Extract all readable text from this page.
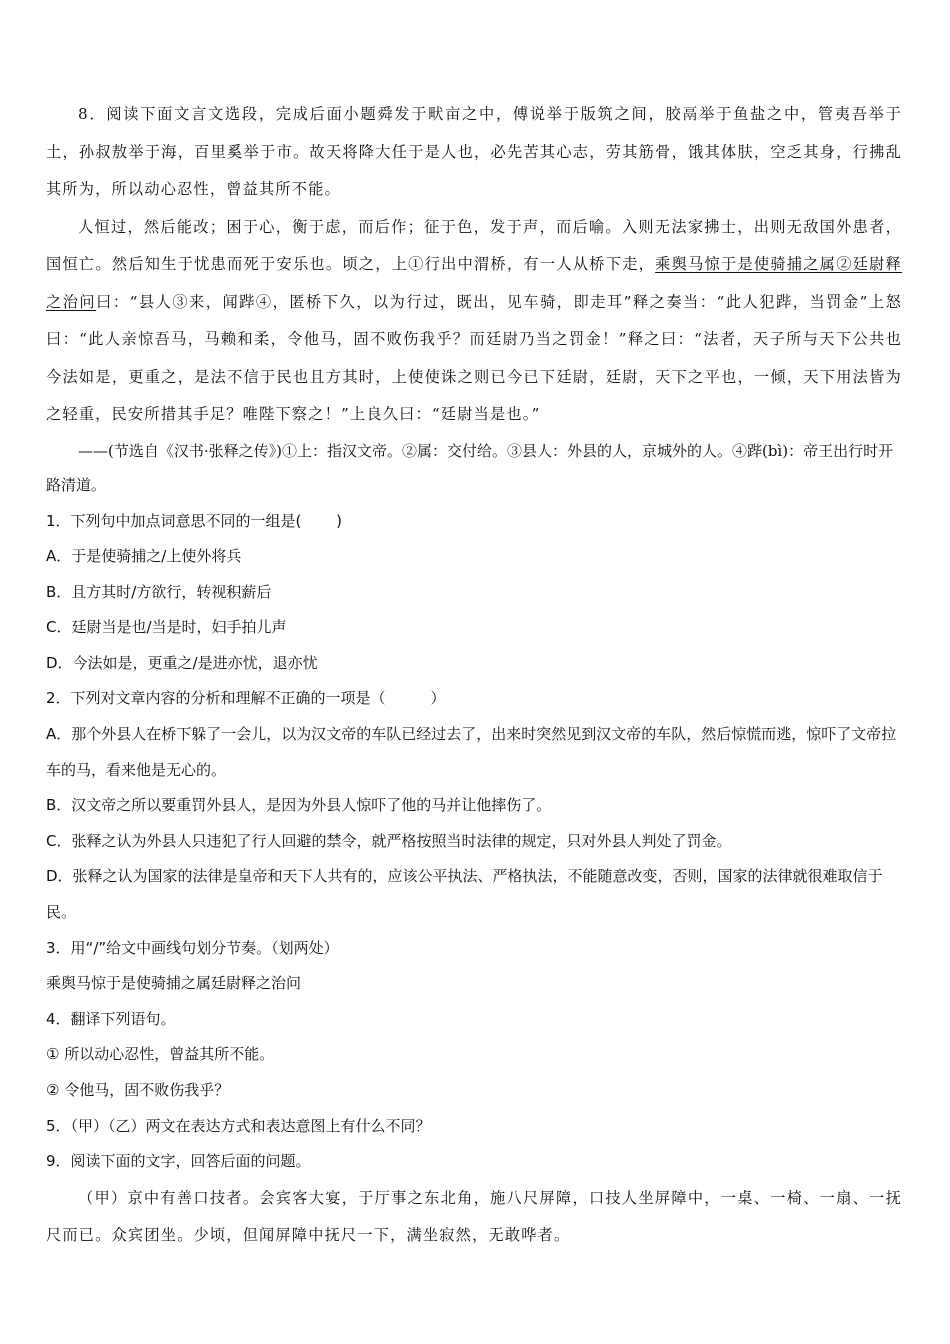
8．阅读下面文言文选段，完成后面小题舜发于畎亩之中，傅说举于版筑之间，胶鬲举于鱼盐之中，管夷吾举于土，孙叔敖举于海，百里奚举于市。故天将降大任于是人也，必先苦其心志，劳其筋骨，饿其体肤，空乏其身，行拂乱其所为，所以动心忍性，曾益其所不能。

人恒过，然后能改；困于心，衡于虑，而后作；征于色，发于声，而后喻。入则无法家拂士，出则无敌国外患者，国恒亡。然后知生于忧患而死于安乐也。顷之，上①行出中渭桥，有一人从桥下走，乘舆马惊于是使骑捕之属②廷尉释之治问曰：“县人③来，闻跸④，匿桥下久，以为行过，既出，见车骑，即走耳”释之奏当：“此人犯跸，当罚金”上怒曰：“此人亲惊吾马，马赖和柔，令他马，固不败伤我乎？而廷尉乃当之罚金！”释之曰：“法者，天子所与天下公共也今法如是，更重之，是法不信于民也且方其时，上使使诛之则已今已下廷尉，廷尉，天下之平也，一倾，天下用法皆为之轻重，民安所措其手足？唯陛下察之！”上良久曰：“廷尉当是也。”

——(节选自《汉书·张释之传》)①上：指汉文帝。②属：交付给。③县人：外县的人，京城外的人。④跸(bì)：帝王出行时开路清道。

1．下列句中加点词意思不同的一组是(　　 )

A．于是使骑捕之/上使外将兵

B．且方其时/方欲行，转视积薪后

C．廷尉当是也/当是时，妇手拍儿声

D．今法如是，更重之/是进亦忧，退亦忧

2．下列对文章内容的分析和理解不正确的一项是（　　　）

A．那个外县人在桥下躲了一会儿，以为汉文帝的车队已经过去了，出来时突然见到汉文帝的车队，然后惊慌而逃，惊吓了文帝拉车的马，看来他是无心的。

B．汉文帝之所以要重罚外县人，是因为外县人惊吓了他的马并让他摔伤了。

C．张释之认为外县人只违犯了行人回避的禁令，就严格按照当时法律的规定，只对外县人判处了罚金。

D．张释之认为国家的法律是皇帝和天下人共有的，应该公平执法、严格执法，不能随意改变，否则，国家的法律就很难取信于民。

3．用“/”给文中画线句划分节奏。（划两处）

乘舆马惊于是使骑捕之属廷尉释之治问

4．翻译下列语句。

① 所以动心忍性，曾益其所不能。

② 令他马，固不败伤我乎？

5．（甲）（乙）两文在表达方式和表达意图上有什么不同？

9．阅读下面的文字，回答后面的问题。

（甲）京中有善口技者。会宾客大宴，于厅事之东北角，施八尺屏障，口技人坐屏障中，一桌、一椅、一扇、一抚尺而已。众宾团坐。少顷，但闻屏障中抚尺一下，满坐寂然，无敢哗者。
